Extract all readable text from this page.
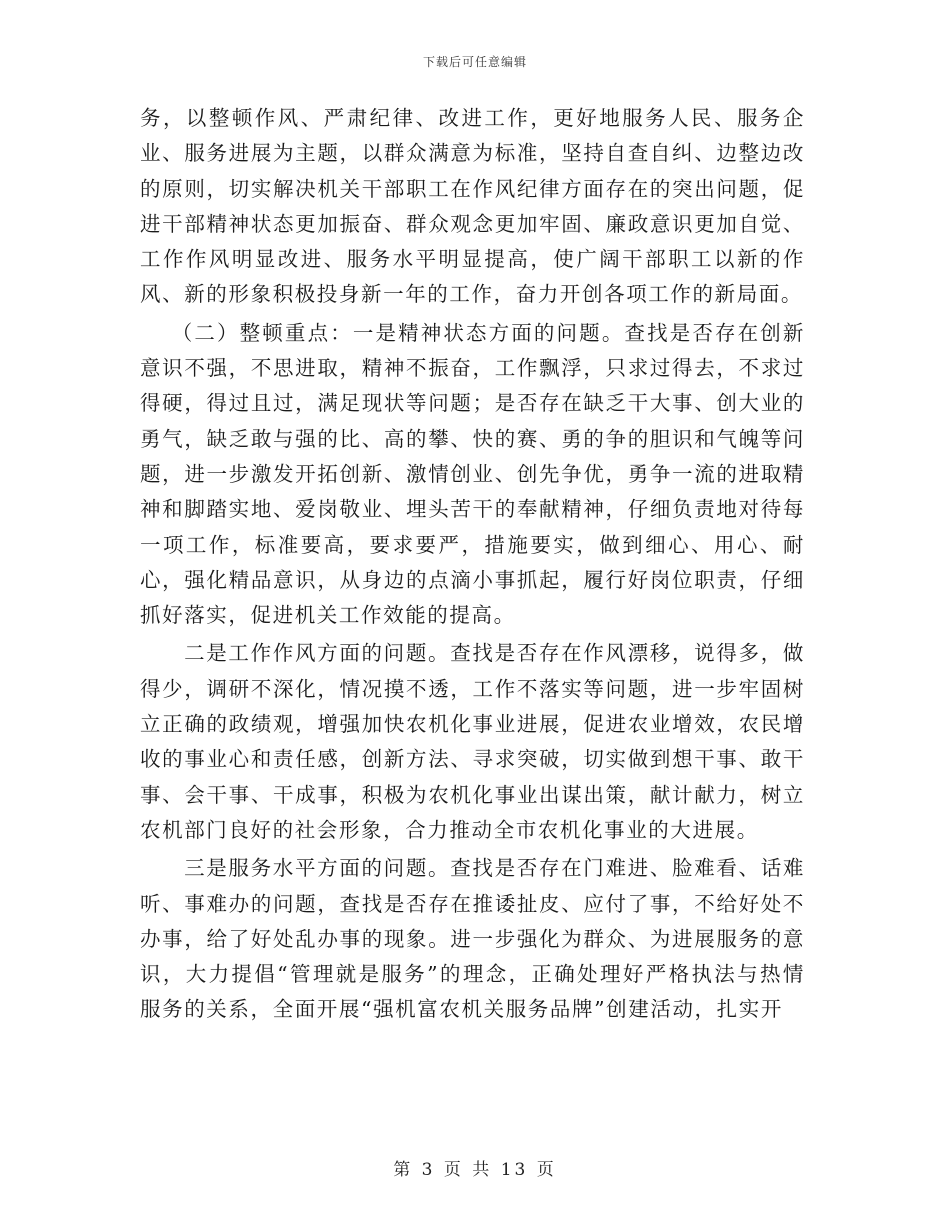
下载后可任意编辑

务，以整顿作风、严肃纪律、改进工作，更好地服务人民、服务企业、服务进展为主题，以群众满意为标准，坚持自查自纠、边整边改的原则，切实解决机关干部职工在作风纪律方面存在的突出问题，促进干部精神状态更加振奋、群众观念更加牢固、廉政意识更加自觉、工作作风明显改进、服务水平明显提高，使广阔干部职工以新的作风、新的形象积极投身新一年的工作，奋力开创各项工作的新局面。

（二）整顿重点：一是精神状态方面的问题。查找是否存在创新意识不强，不思进取，精神不振奋，工作飘浮，只求过得去，不求过得硬，得过且过，满足现状等问题；是否存在缺乏干大事、创大业的勇气，缺乏敢与强的比、高的攀、快的赛、勇的争的胆识和气魄等问题，进一步激发开拓创新、激情创业、创先争优，勇争一流的进取精神和脚踏实地、爱岗敬业、埋头苦干的奉献精神，仔细负责地对待每一项工作，标准要高，要求要严，措施要实，做到细心、用心、耐心，强化精品意识，从身边的点滴小事抓起，履行好岗位职责，仔细抓好落实，促进机关工作效能的提高。

二是工作作风方面的问题。查找是否存在作风漂移，说得多，做得少，调研不深化，情况摸不透，工作不落实等问题，进一步牢固树立正确的政绩观，增强加快农机化事业进展，促进农业增效，农民增收的事业心和责任感，创新方法、寻求突破，切实做到想干事、敢干事、会干事、干成事，积极为农机化事业出谋出策，献计献力，树立农机部门良好的社会形象，合力推动全市农机化事业的大进展。

三是服务水平方面的问题。查找是否存在门难进、脸难看、话难听、事难办的问题，查找是否存在推诿扯皮、应付了事，不给好处不办事，给了好处乱办事的现象。进一步强化为群众、为进展服务的意识，大力提倡“管理就是服务”的理念，正确处理好严格执法与热情服务的关系，全面开展“强机富农机关服务品牌”创建活动，扎实开

第 3 页 共 13 页
